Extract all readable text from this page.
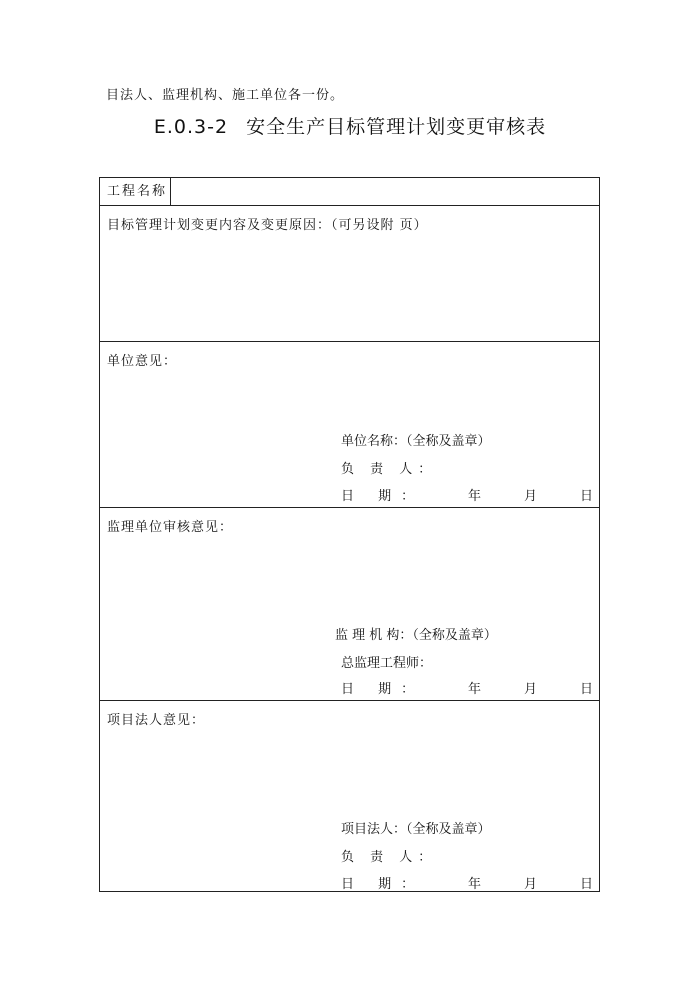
目法人、监理机构、施工单位各一份。
E.0.3-2 安全生产目标管理计划变更审核表
工程名称
目标管理计划变更内容及变更原因：（可另设附 页）
单位意见：
单位名称：（全称及盖章）
负 责 人：
日 期：	年	月	日
监理单位审核意见：
监 理 机 构：（全称及盖章）
总监理工程师：
日 期：	年	月	日
项目法人意见：
项目法人：（全称及盖章）
负 责 人：
日 期：	年	月	日
